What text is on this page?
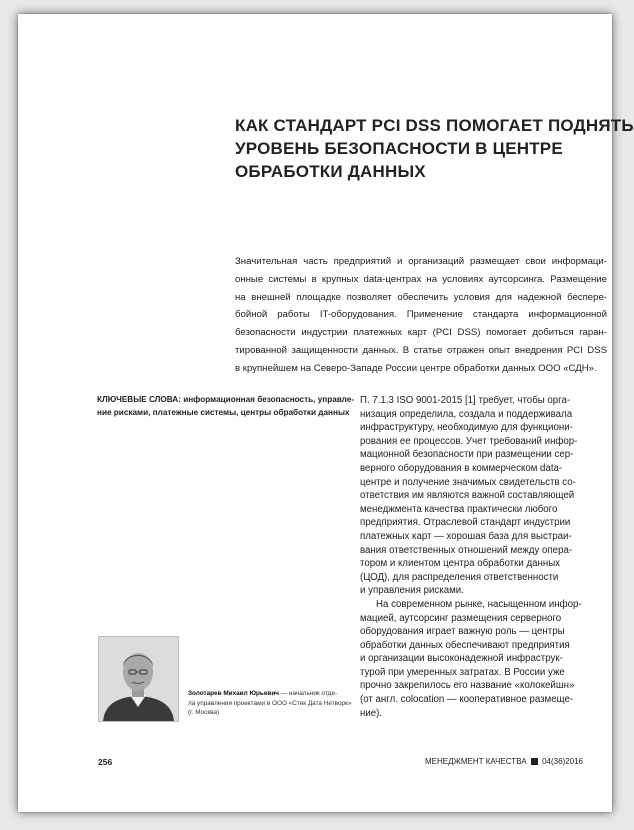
КАК СТАНДАРТ PCI DSS ПОМОГАЕТ ПОДНЯТЬ
УРОВЕНЬ БЕЗОПАСНОСТИ В ЦЕНТРЕ
ОБРАБОТКИ ДАННЫХ
Значительная часть предприятий и организаций размещает свои информаци-
онные системы в крупных data-центрах на условиях аутсорсинга. Размещение
на внешней площадке позволяет обеспечить условия для надежной беспере-
бойной работы IT-оборудования. Применение стандарта информационной
безопасности индустрии платежных карт (PCI DSS) помогает добиться гаран-
тированной защищенности данных. В статье отражен опыт внедрения PCI DSS
в крупнейшем на Северо-Западе России центре обработки данных ООО «СДН».
КЛЮЧЕВЫЕ СЛОВА: информационная безопасность, управле-
ние рисками, платежные системы, центры обработки данных
П. 7.1.3 ISO 9001-2015 [1] требует, чтобы орга-
низация определила, создала и поддерживала
инфраструктуру, необходимую для функциони-
рования ее процессов. Учет требований инфор-
мационной безопасности при размещении сер-
верного оборудования в коммерческом data-
центре и получение значимых свидетельств со-
ответствия им являются важной составляющей
менеджмента качества практически любого
предприятия. Отраслевой стандарт индустрии
платежных карт — хорошая база для выстраи-
вания ответственных отношений между опера-
тором и клиентом центра обработки данных
(ЦОД), для распределения ответственности
и управления рисками.
На современном рынке, насыщенном инфор-
мацией, аутсорсинг размещения серверного
оборудования играет важную роль — центры
обработки данных обеспечивают предприятия
и организации высоконадежной инфраструк-
турой при умеренных затратах. В России уже
прочно закрепилось его название «колокейшн»
(от англ. colocation — кооперативное размеще-
ние).
Золотарев Михаил Юрьевич — начальник отде-
ла управления проектами в ООО «Стек Дата Нетворк»
(г. Москва)
256	МЕНЕДЖМЕНТ КАЧЕСТВА 04(36)2016
